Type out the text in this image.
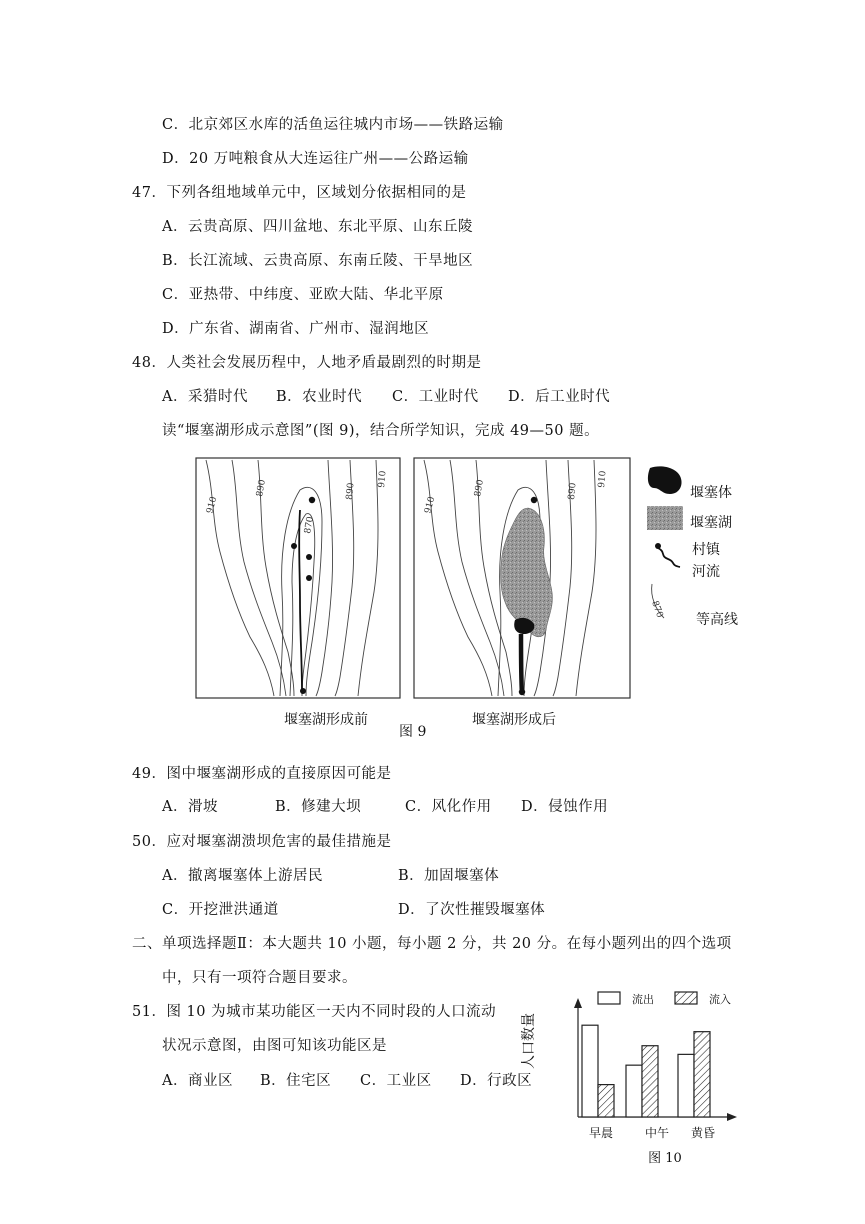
C．北京郊区水库的活鱼运往城内市场——铁路运输
D．20 万吨粮食从大连运往广州——公路运输
47．下列各组地域单元中，区域划分依据相同的是
A．云贵高原、四川盆地、东北平原、山东丘陵
B．长江流域、云贵高原、东南丘陵、干旱地区
C．亚热带、中纬度、亚欧大陆、华北平原
D．广东省、湖南省、广州市、湿润地区
48．人类社会发展历程中，人地矛盾最剧烈的时期是
A．采猎时代 B．农业时代 C．工业时代 D．后工业时代
读“堰塞湖形成示意图”(图 9)，结合所学知识，完成 49—50 题。
910
890
870
890
910
910
890	890
910
堰塞体
堰塞湖
村镇
河流
870
等高线
堰塞湖形成前	堰塞湖形成后
图 9
49．图中堰塞湖形成的直接原因可能是
A．滑坡	B．修建大坝	C．风化作用 D．侵蚀作用
50．应对堰塞湖溃坝危害的最佳措施是
A．撤离堰塞体上游居民	B．加固堰塞体
C．开挖泄洪通道	D．了次性摧毁堰塞体
二、单项选择题Ⅱ：本大题共 10 小题，每小题 2 分，共 20 分。在每小题列出的四个选项
中，只有一项符合题目要求。
51．图 10 为城市某功能区一天内不同时段的人口流动
状况示意图，由图可知该功能区是
A．商业区 B．住宅区 C．工业区 D．行政区
流出	流入
人口数量
早晨	中午 黄昏
图 10
